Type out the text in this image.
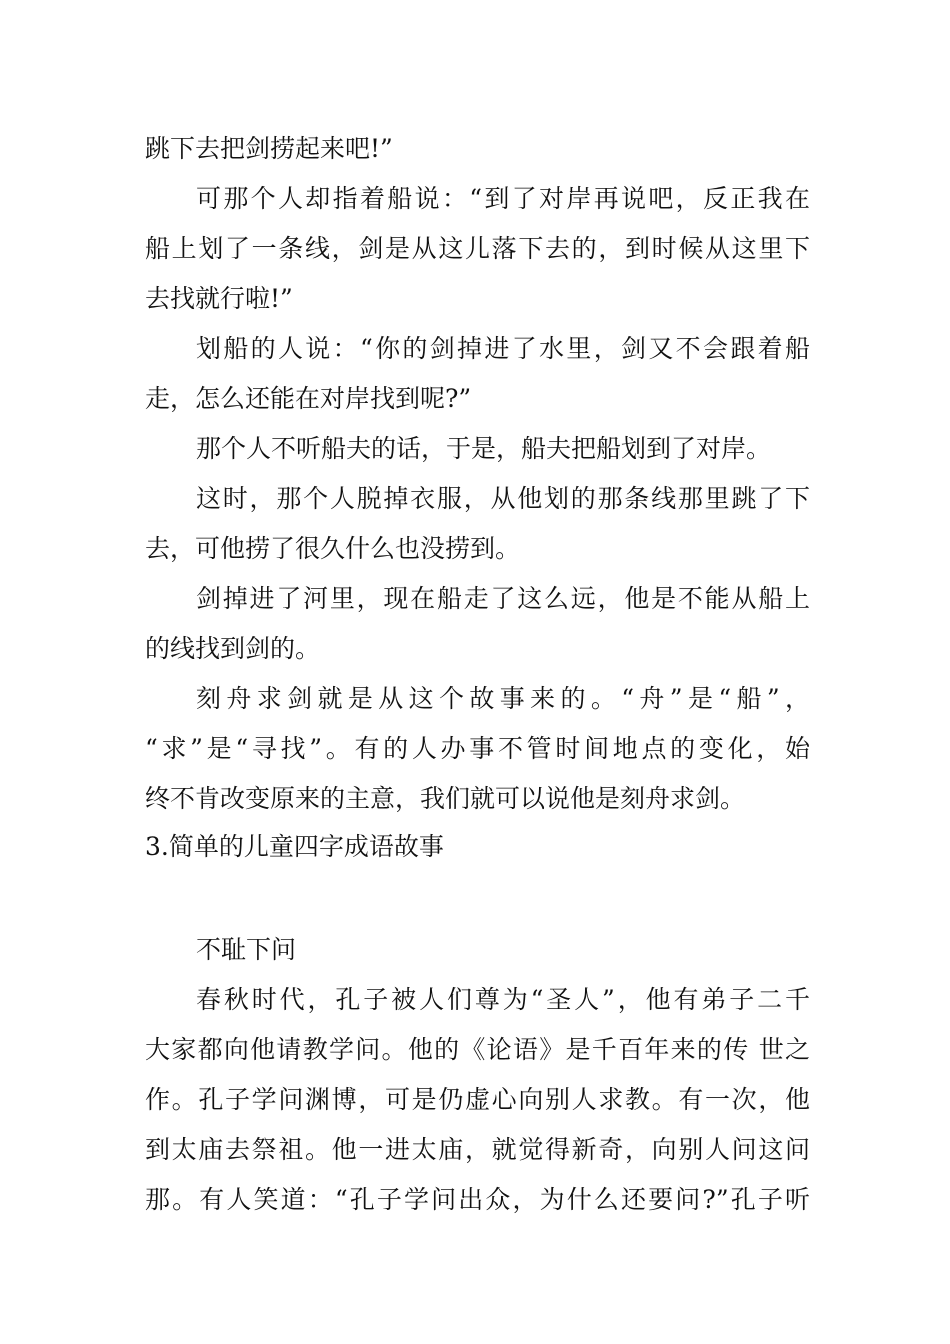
跳下去把剑捞起来吧!”
可那个人却指着船说：“到了对岸再说吧，反正我在
船上划了一条线，剑是从这儿落下去的，到时候从这里下
去找就行啦!”
划船的人说：“你的剑掉进了水里，剑又不会跟着船
走，怎么还能在对岸找到呢?”
那个人不听船夫的话，于是，船夫把船划到了对岸。
这时，那个人脱掉衣服，从他划的那条线那里跳了下
去，可他捞了很久什么也没捞到。
剑掉进了河里，现在船走了这么远，他是不能从船上
的线找到剑的。
刻舟求剑就是从这个故事来的。“舟”是“船”，
“求”是“寻找”。有的人办事不管时间地点的变化，始
终不肯改变原来的主意，我们就可以说他是刻舟求剑。
3.简单的儿童四字成语故事
不耻下问
春秋时代，孔子被人们尊为“圣人”，他有弟子二千
大家都向他请教学问。他的《论语》是千百年来的传 世之
作。孔子学问渊博，可是仍虚心向别人求教。有一次，他
到太庙去祭祖。他一进太庙，就觉得新奇，向别人问这问
那。有人笑道：“孔子学问出众，为什么还要问?”孔子听
